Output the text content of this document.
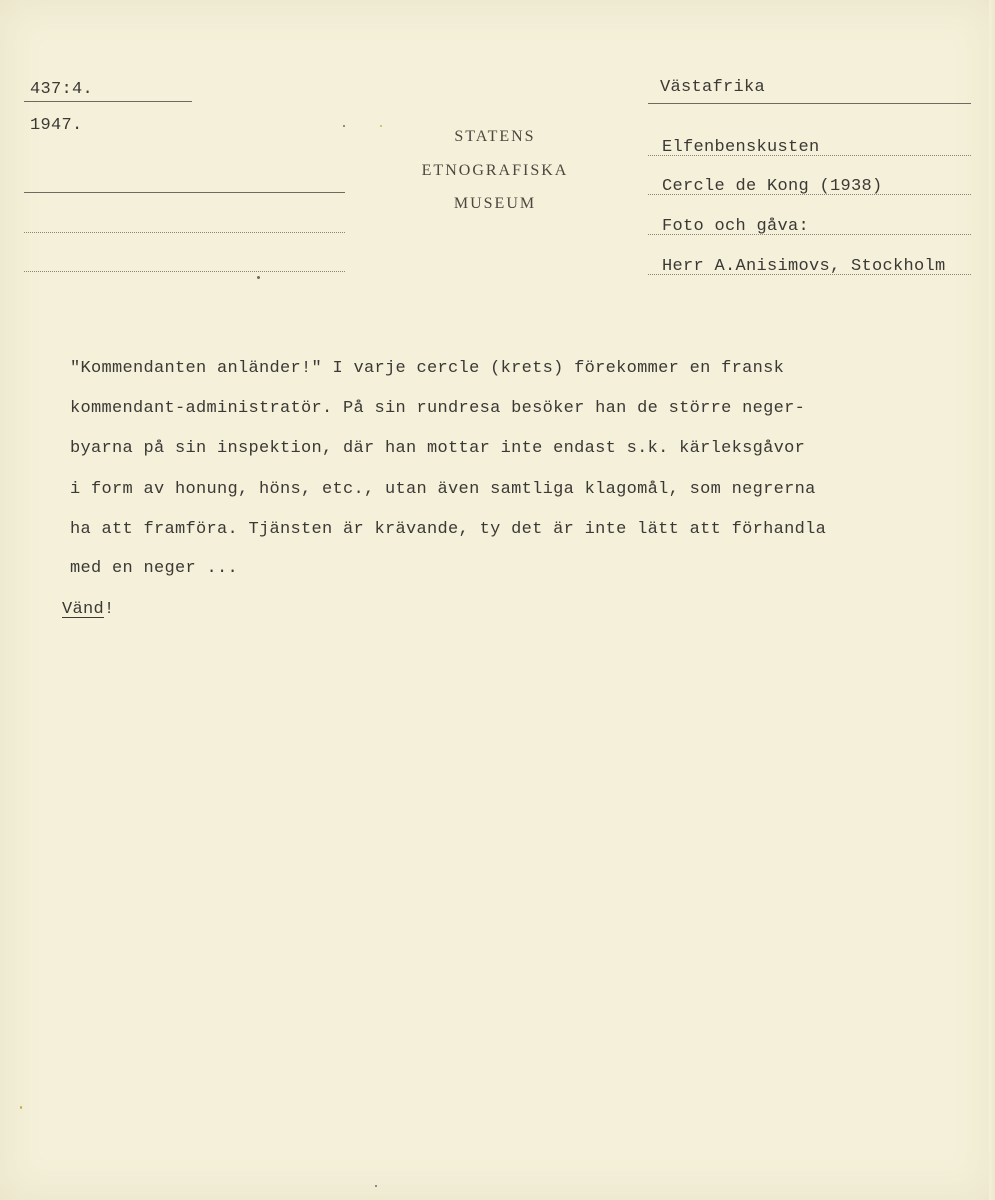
437:4.
1947.
STATENS
ETNOGRAFISKA
MUSEUM
Västafrika
Elfenbenskusten
Cercle de Kong (1938)
Foto och gåva:
Herr A.Anisimovs, Stockholm
"Kommendanten anländer!" I varje cercle (krets) förekommer en fransk
kommendant-administratör. På sin rundresa besöker han de större neger-
byarna på sin inspektion, där han mottar inte endast s.k. kärleksgåvor
i form av honung, höns, etc., utan även samtliga klagomål, som negrerna
ha att framföra. Tjänsten är krävande, ty det är inte lätt att förhandla
med en neger ...
Vänd!
